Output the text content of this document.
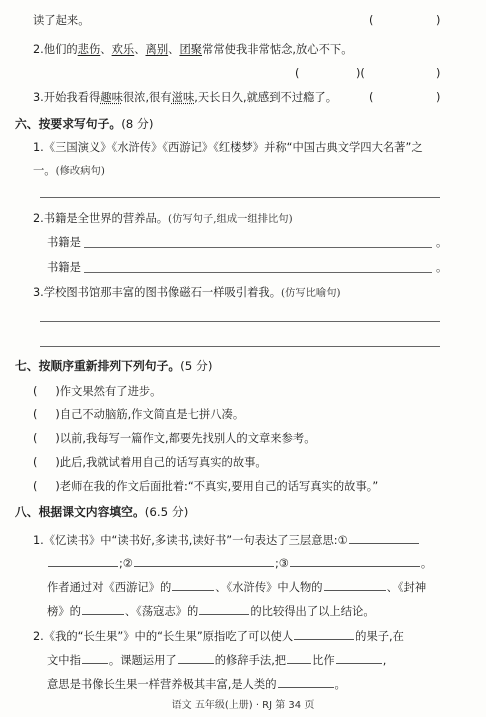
读了起来。	(	)
2.他们的悲伤、欢乐、离别、团聚常常使我非常惦念,放心不下。
(	)(	)
3.开始我看得趣味很浓,很有滋味,天长日久,就感到不过瘾了。	(	)
六、按要求写句子。(8 分)
1.《三国演义》《水浒传》《西游记》《红楼梦》并称“中国古典文学四大名著”之
一。(修改病句)
2.书籍是全世界的营养品。(仿写句子,组成一组排比句)
书籍是	。
书籍是	。
3.学校图书馆那丰富的图书像磁石一样吸引着我。(仿写比喻句)
七、按顺序重新排列下列句子。(5 分)
(     )作文果然有了进步。
(     )自己不动脑筋,作文简直是七拼八凑。
(     )以前,我每写一篇作文,都要先找别人的文章来参考。
(     )此后,我就试着用自己的话写真实的故事。
(     )老师在我的作文后面批着:“不真实,要用自己的话写真实的故事。”
八、根据课文内容填空。(6.5 分)
1.《忆读书》中“读书好,多读书,读好书”一句表达了三层意思:①
;②	;③	。
作者通过对《西游记》的	、《水浒传》中人物的	、《封神
榜》的	、《荡寇志》的	的比较得出了以上结论。
2.《我的“长生果”》中的“长生果”原指吃了可以使人	的果子,在
文中指 。课题运用了	的修辞手法,把 比作	,
意思是书像长生果一样营养极其丰富,是人类的	。
语文 五年级(上册) · RJ 第 34 页
